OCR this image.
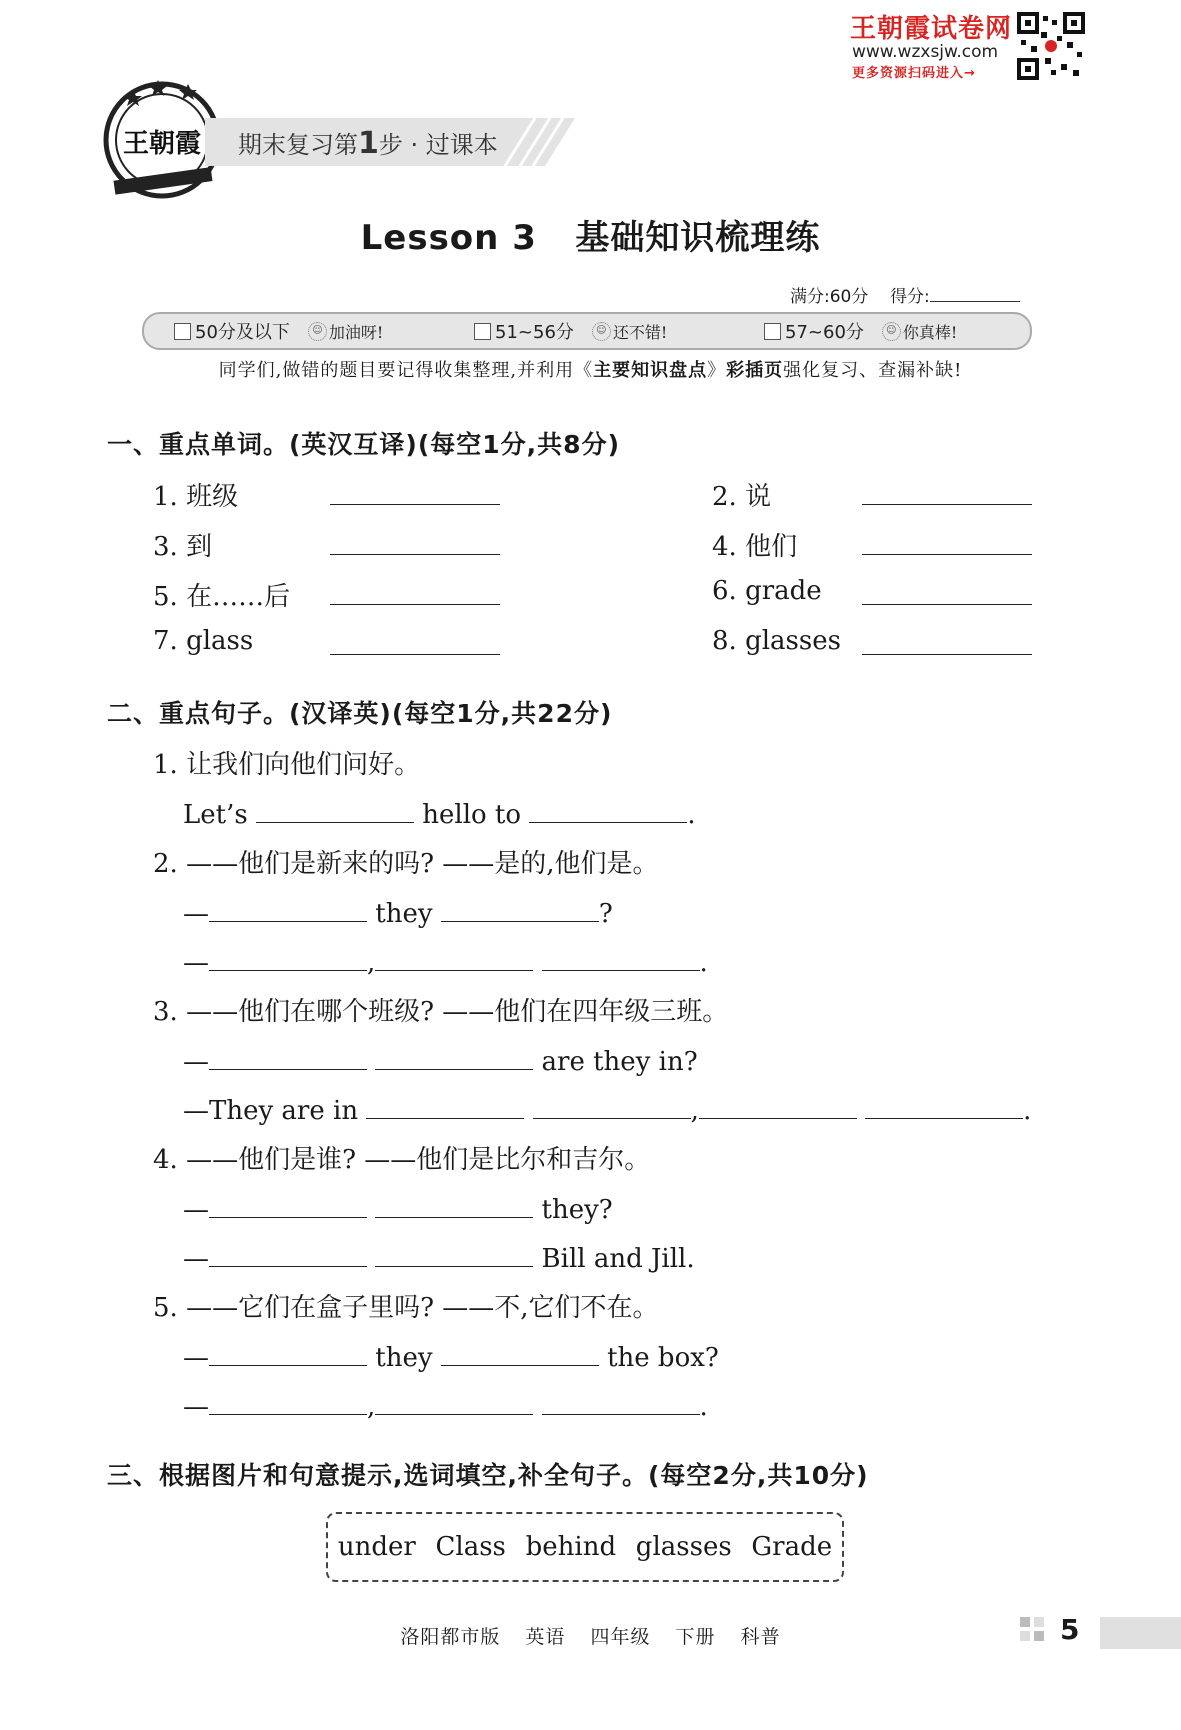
王朝霞试卷网
www.wzxsjw.com
更多资源扫码进入→
王朝霞 期末复习第1步 · 过课本
Lesson 3   基础知识梳理练
满分:60分 得分:
50分及以下	☺ 加油呀!	51~56分	☺ 还不错!	57~60分	☺ 你真棒!
同学们,做错的题目要记得收集整理,并利用《主要知识盘点》彩插页强化复习、查漏补缺!
一、重点单词。(英汉互译)(每空1分,共8分)
1. 班级	2. 说
3. 到	4. 他们
5. 在……后	6. grade
7. glass	8. glasses
二、重点句子。(汉译英)(每空1分,共22分)
1. 让我们向他们问好。
Let’s	hello to	.
2. ——他们是新来的吗? ——是的,他们是。
—	they	?
—	,	.
3. ——他们在哪个班级? ——他们在四年级三班。
—	are they in?
—They are in	,	.
4. ——他们是谁? ——他们是比尔和吉尔。
—	they?
—	Bill and Jill.
5. ——它们在盒子里吗? ——不,它们不在。
—	they	the box?
—	,	.
三、根据图片和句意提示,选词填空,补全句子。(每空2分,共10分)
under Class behind glasses Grade
洛阳都市版 英语 四年级 下册 科普	5
